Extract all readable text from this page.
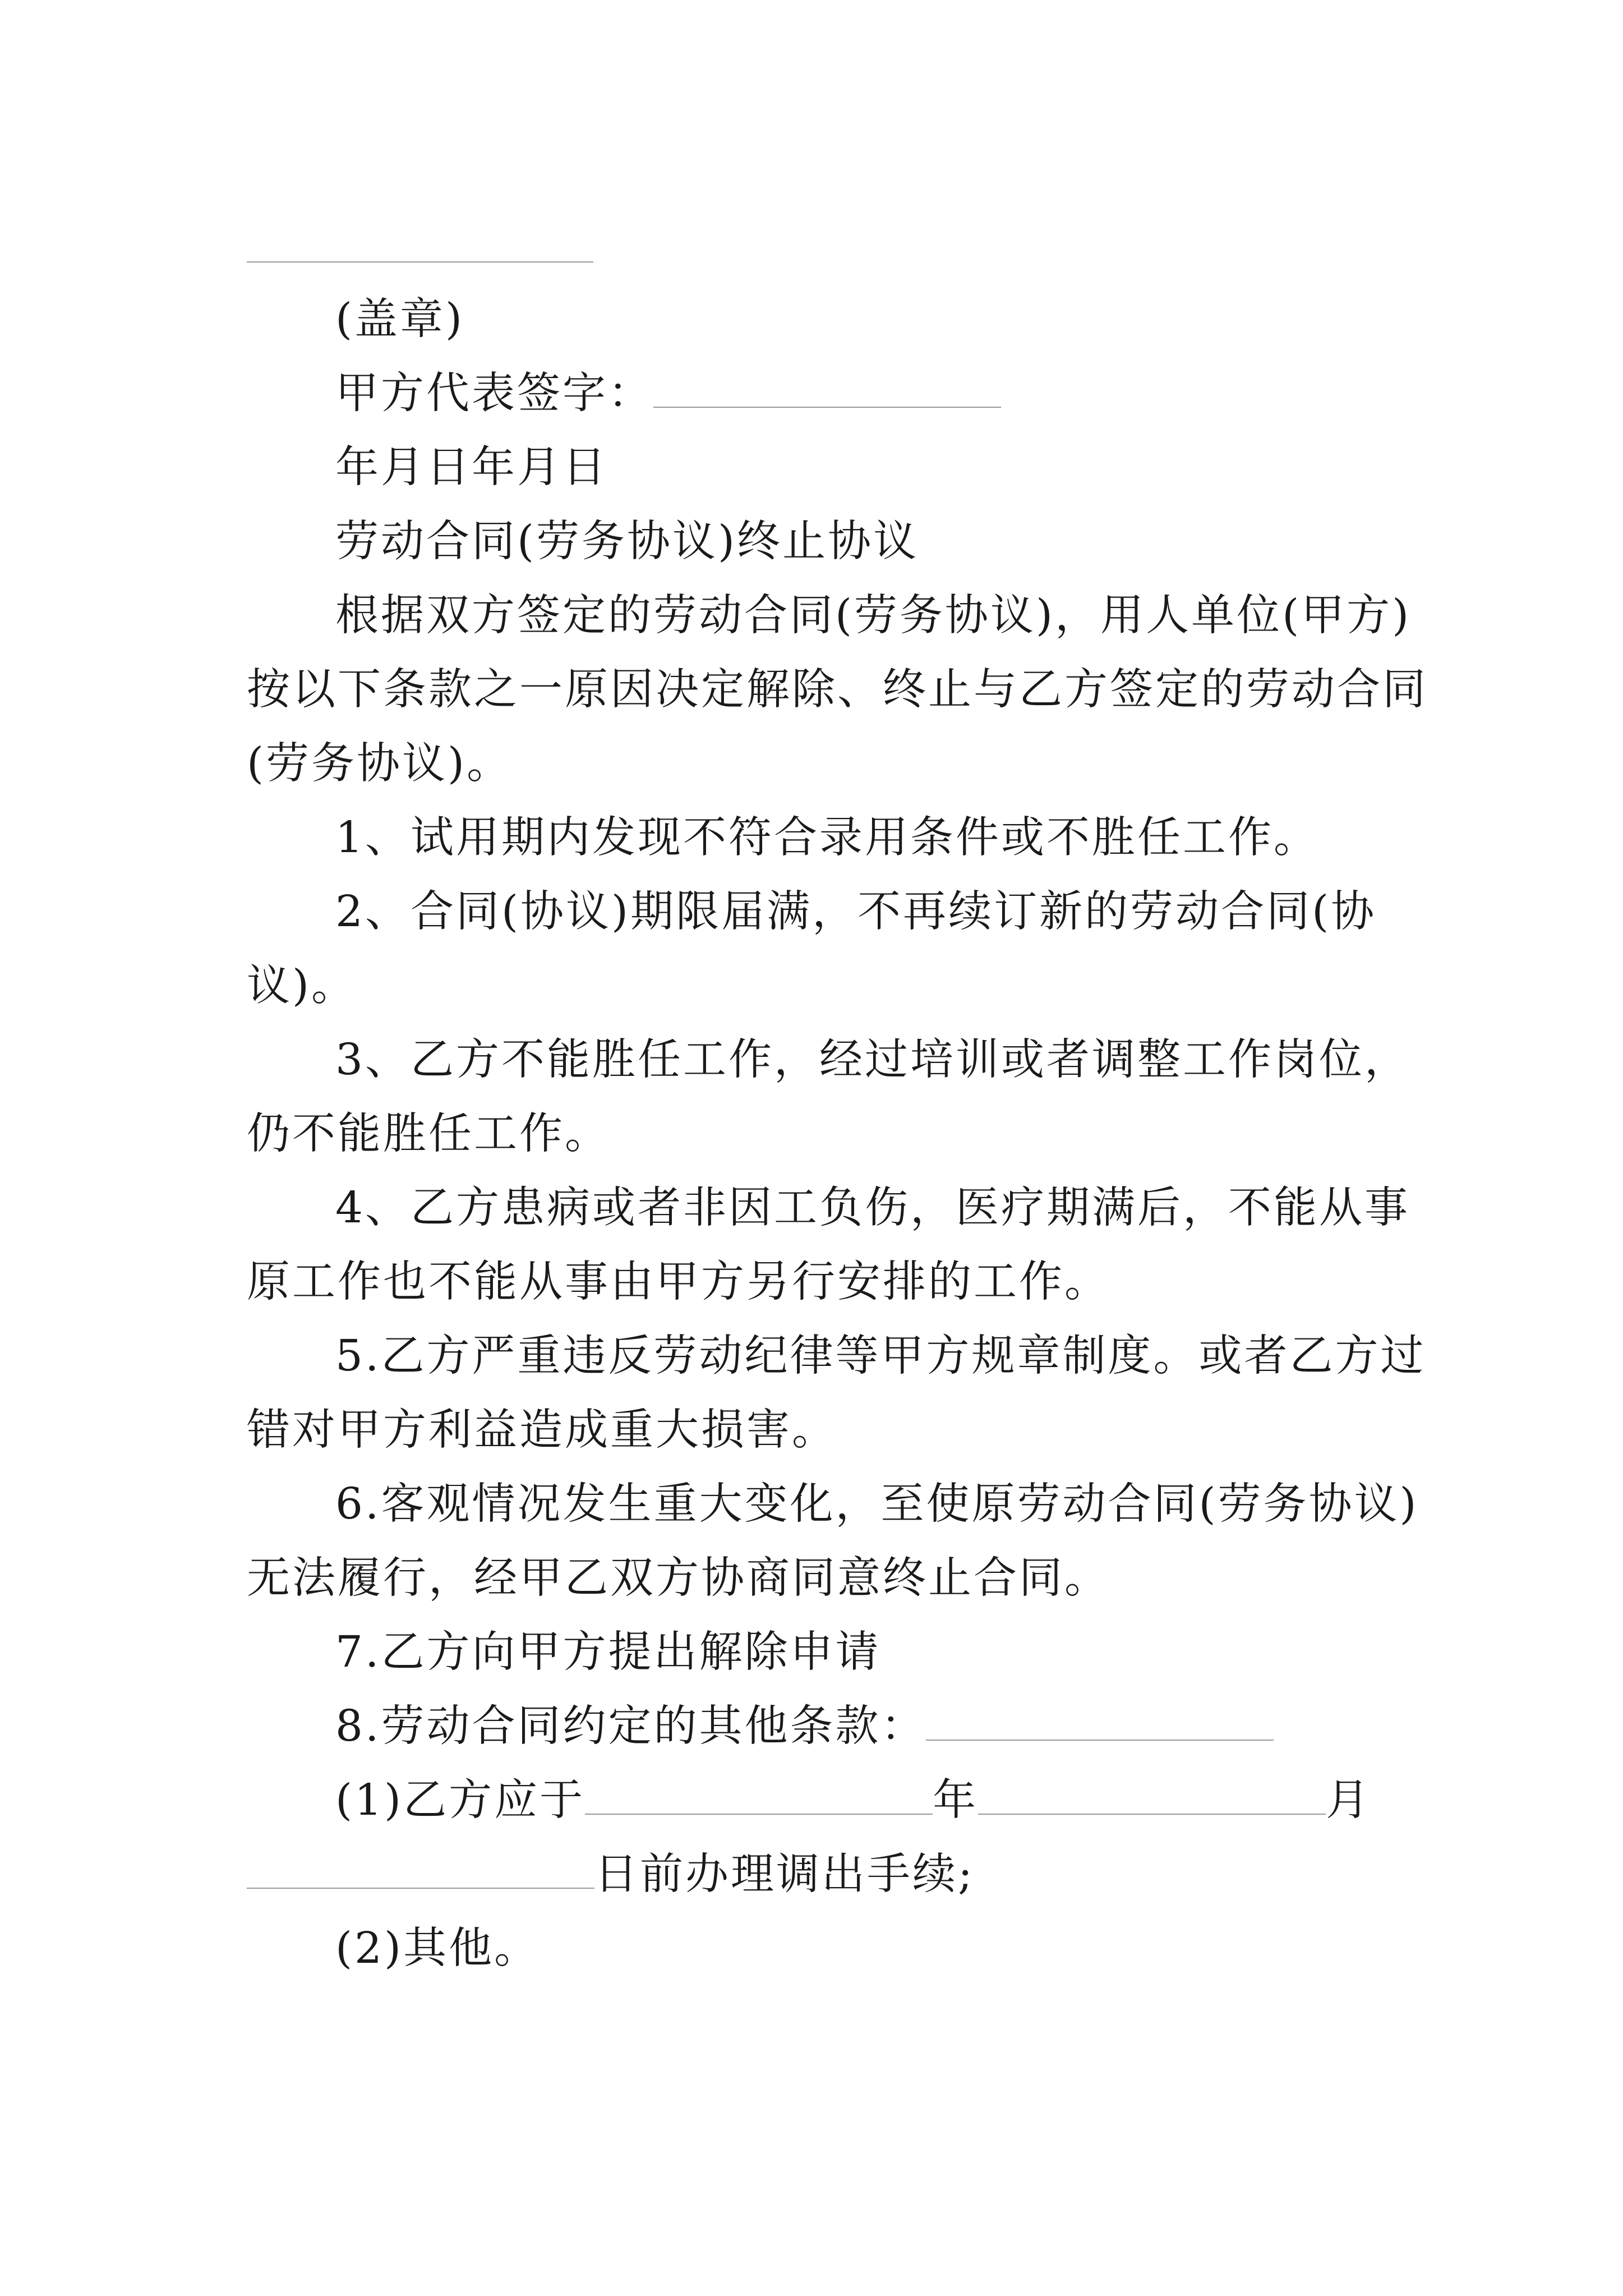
(盖章)
甲方代表签字：
年月日年月日
劳动合同(劳务协议)终止协议
根据双方签定的劳动合同(劳务协议)，用人单位(甲方)
按以下条款之一原因决定解除、终止与乙方签定的劳动合同
(劳务协议)。
1、试用期内发现不符合录用条件或不胜任工作。
2、合同(协议)期限届满，不再续订新的劳动合同(协
议)。
3、乙方不能胜任工作，经过培训或者调整工作岗位，
仍不能胜任工作。
4、乙方患病或者非因工负伤，医疗期满后，不能从事
原工作也不能从事由甲方另行安排的工作。
5.乙方严重违反劳动纪律等甲方规章制度。或者乙方过
错对甲方利益造成重大损害。
6.客观情况发生重大变化，至使原劳动合同(劳务协议)
无法履行，经甲乙双方协商同意终止合同。
7.乙方向甲方提出解除申请
8.劳动合同约定的其他条款：
(1)乙方应于	年	月
日前办理调出手续;
(2)其他。
